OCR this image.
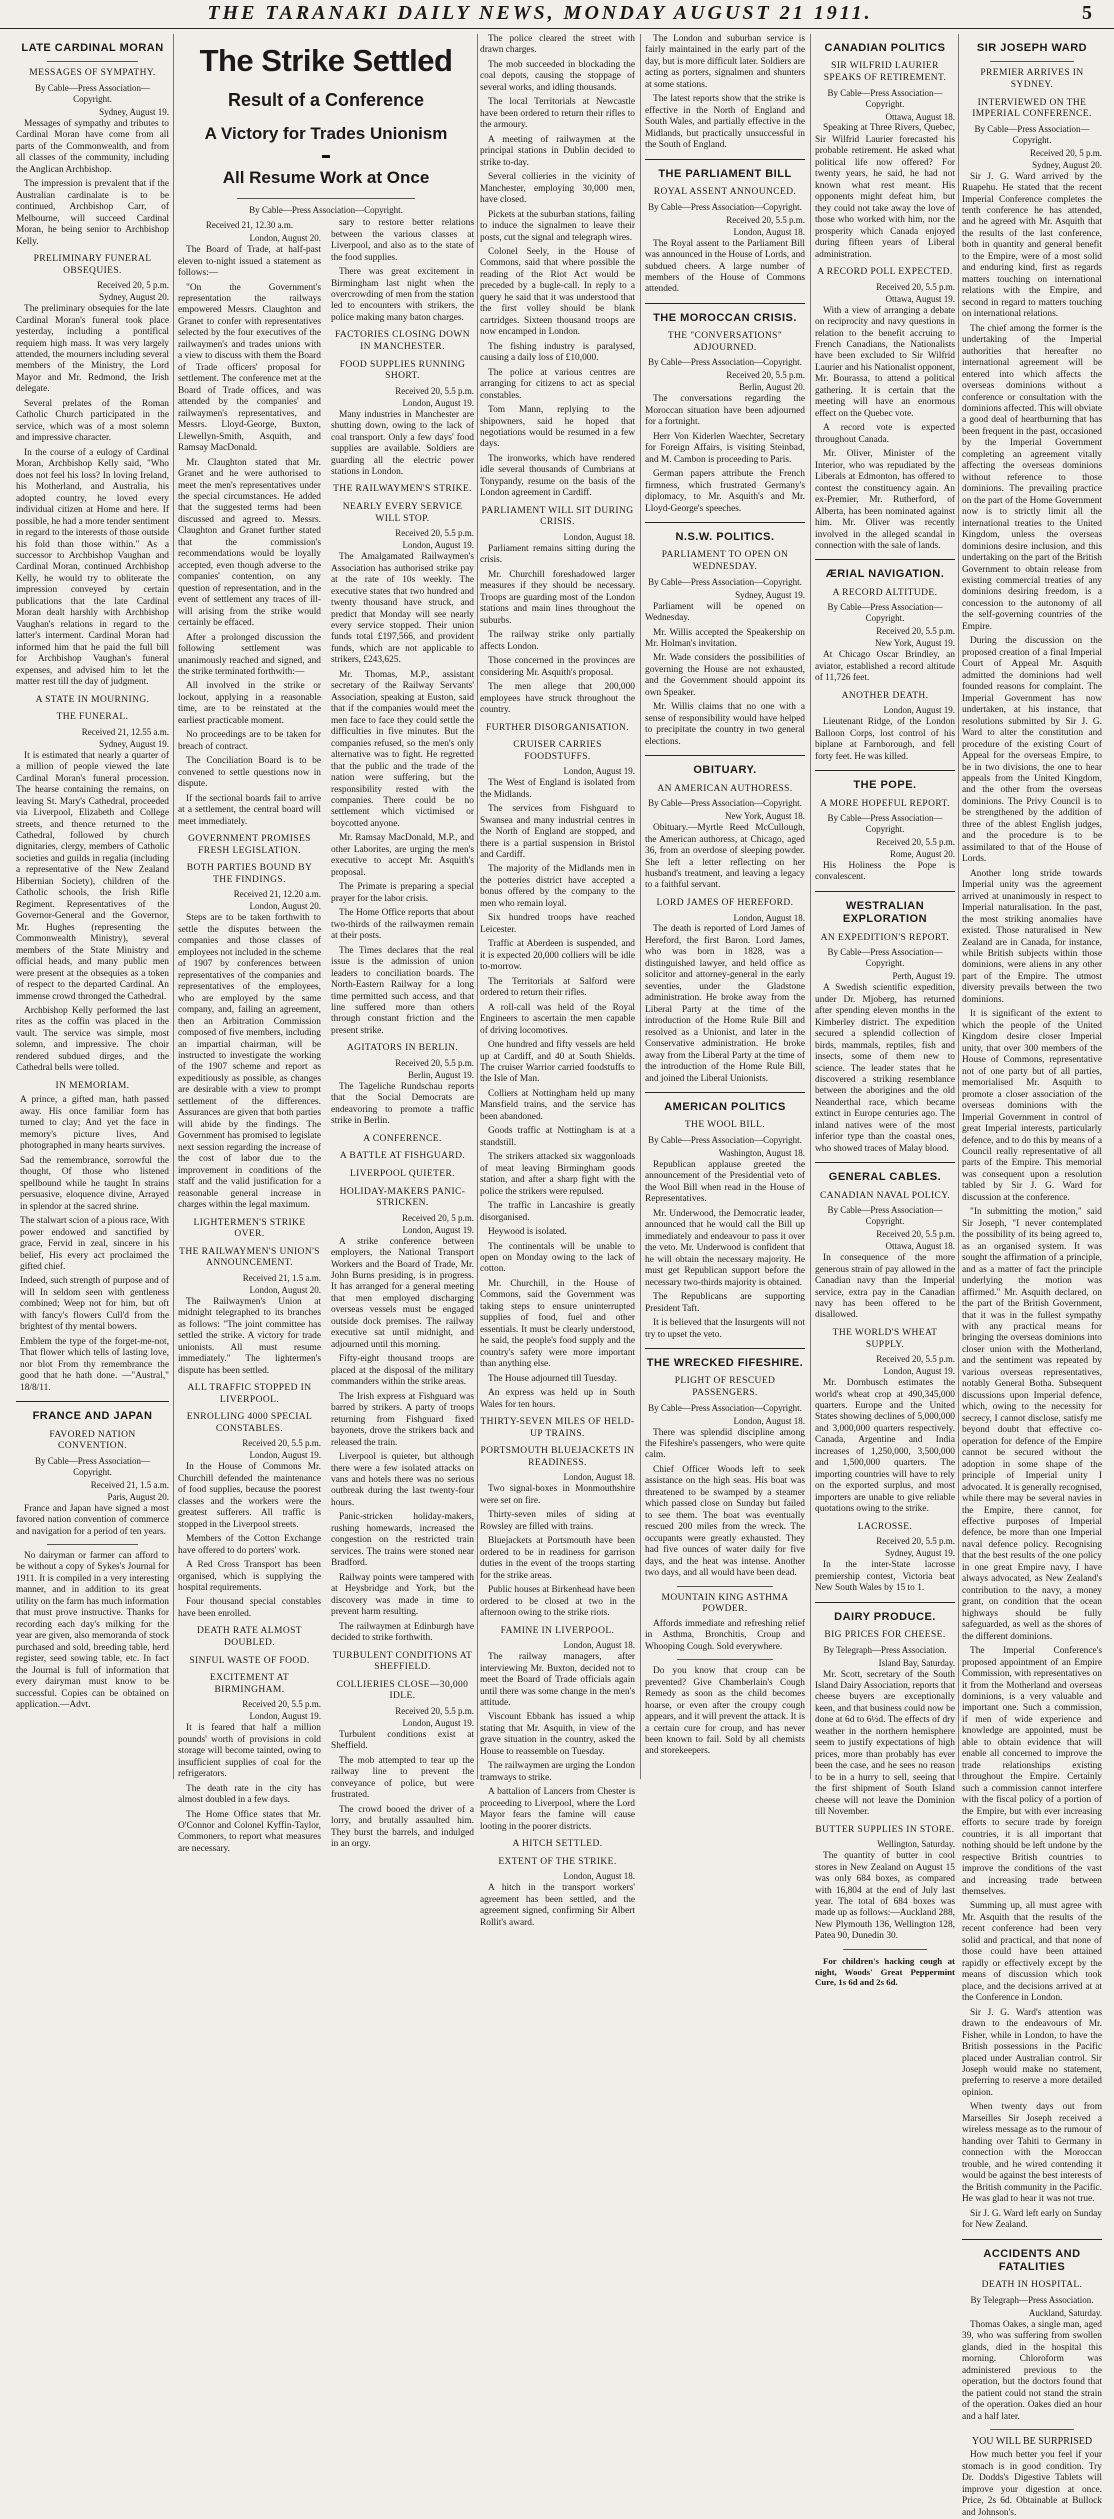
THE TARANAKI DAILY NEWS, MONDAY AUGUST 21 1911.	5
LATE CARDINAL MORAN
MESSAGES OF SYMPATHY.
By Cable—Press Association—Copyright.
Sydney, August 19.

Messages of sympathy and tributes to Cardinal Moran have come from all parts of the Commonwealth, and from all classes of the community, including the Anglican Archbishop.

The impression is prevalent that if the Australian cardinalate is to be continued, Archbishop Carr, of Melbourne, will succeed Cardinal Moran, he being senior to Archbishop Kelly.

PRELIMINARY FUNERAL OBSEQUIES.
Received 20, 5 p.m.
Sydney, August 20.

The preliminary obsequies for the late Cardinal Moran's funeral took place yesterday, including a pontifical requiem high mass. It was very largely attended, the mourners including several members of the Ministry, the Lord Mayor and Mr. Redmond, the Irish delegate.

Several prelates of the Roman Catholic Church participated in the service, which was of a most solemn and impressive character.

In the course of a eulogy of Cardinal Moran, Archbishop Kelly said, "Who does not feel his loss? In loving Ireland, his Motherland, and Australia, his adopted country, he loved every individual citizen at Home and here. If possible, he had a more tender sentiment in regard to the interests of those outside his fold than those within." As a successor to Archbishop Vaughan and Cardinal Moran, continued Archbishop Kelly, he would try to obliterate the impression conveyed by certain publications that the late Cardinal Moran dealt harshly with Archbishop Vaughan's relations in regard to the latter's interment. Cardinal Moran had informed him that he paid the full bill for Archbishop Vaughan's funeral expenses, and advised him to let the matter rest till the day of judgment.

A STATE IN MOURNING.
THE FUNERAL.
Received 21, 12.55 a.m.
Sydney, August 19.

It is estimated that nearly a quarter of a million of people viewed the late Cardinal Moran's funeral procession. The hearse containing the remains, on leaving St. Mary's Cathedral, proceeded via Liverpool, Elizabeth and College streets, and thence returned to the Cathedral, followed by church dignitaries, clergy, members of Catholic societies and guilds in regalia (including a representative of the New Zealand Hibernian Society), children of the Catholic schools, the Irish Rifle Regiment. Representatives of the Governor-General and the Governor, Mr. Hughes (representing the Commonwealth Ministry), several members of the State Ministry and official heads, and many public men were present at the obsequies as a token of respect to the departed Cardinal. An immense crowd thronged the Cathedral.

Archbishop Kelly performed the last rites as the coffin was placed in the vault. The service was simple, most solemn, and impressive. The choir rendered subdued dirges, and the Cathedral bells were tolled.

IN MEMORIAM.

A prince, a gifted man, hath passed away. His once familiar form has turned to clay; And yet the face in memory's picture lives, And photographed in many hearts survives.

Sad the remembrance, sorrowful the thought, Of those who listened spellbound while he taught In strains persuasive, eloquence divine, Arrayed in splendor at the sacred shrine.

The stalwart scion of a pious race, With power endowed and sanctified by grace, Fervid in zeal, sincere in his belief, His every act proclaimed the gifted chief.

Indeed, such strength of purpose and of will In seldom seen with gentleness combined; Weep not for him, but oft with fancy's flowers Cull'd from the brightest of thy mental bowers.

Emblem the type of the forget-me-not, That flower which tells of lasting love, nor blot From thy remembrance the good that he hath done. —"Austral," 18/8/11.

FRANCE AND JAPAN
FAVORED NATION CONVENTION.
By Cable—Press Association—Copyright.
Received 21, 1.5 a.m.
Paris, August 20.

France and Japan have signed a most favored nation convention of commerce and navigation for a period of ten years.

No dairyman or farmer can afford to be without a copy of Sykes's Journal for 1911. It is compiled in a very interesting manner, and in addition to its great utility on the farm has much information that must prove instructive. Thanks for recording each day's milking for the year are given, also memoranda of stock purchased and sold, breeding table, herd register, seed sowing table, etc. In fact the Journal is full of information that every dairyman must know to be successful. Copies can be obtained on application.—Advt.

The Strike Settled
Result of a Conference
A Victory for Trades Unionism
All Resume Work at Once
By Cable—Press Association—Copyright.
Received 21, 12.30 a.m.
London, August 20.

The Board of Trade, at half-past eleven to-night issued a statement as follows:—

"On the Government's representation the railways empowered Messrs. Claughton and Granet to confer with representatives selected by the four executives of the railwaymen's and trades unions with a view to discuss with them the Board of Trade officers' proposal for settlement. The conference met at the Board of Trade offices, and was attended by the companies' and railwaymen's representatives, and Messrs. Lloyd-George, Buxton, Llewellyn-Smith, Asquith, and Ramsay MacDonald.

Mr. Claughton stated that Mr. Granet and he were authorised to meet the men's representatives under the special circumstances. He added that the suggested terms had been discussed and agreed to. Messrs. Claughton and Granet further stated that the commission's recommendations would be loyally accepted, even though adverse to the companies' contention, on any question of representation, and in the event of settlement any traces of ill-will arising from the strike would certainly be effaced.

After a prolonged discussion the following settlement was unanimously reached and signed, and the strike terminated forthwith:—

All involved in the strike or lockout, applying in a reasonable time, are to be reinstated at the earliest practicable moment.

No proceedings are to be taken for breach of contract.

The Conciliation Board is to be convened to settle questions now in dispute.

If the sectional boards fail to arrive at a settlement, the central board will meet immediately.

GOVERNMENT PROMISES FRESH LEGISLATION.
BOTH PARTIES BOUND BY THE FINDINGS.
Received 21, 12.20 a.m.
London, August 20.

Steps are to be taken forthwith to settle the disputes between the companies and those classes of employees not included in the scheme of 1907 by conferences between representatives of the companies and representatives of the employees, who are employed by the same company, and, failing an agreement, then an Arbitration Commission composed of five members, including an impartial chairman, will be instructed to investigate the working of the 1907 scheme and report as expeditiously as possible, as changes are desirable with a view to prompt settlement of the differences. Assurances are given that both parties will abide by the findings. The Government has promised to legislate next session regarding the increase of the cost of labor due to the improvement in conditions of the staff and the valid justification for a reasonable general increase in charges within the legal maximum.

LIGHTERMEN'S STRIKE OVER.
THE RAILWAYMEN'S UNION'S ANNOUNCEMENT.
Received 21, 1.5 a.m.
London, August 20.

The Railwaymen's Union at midnight telegraphed to its branches as follows: "The joint committee has settled the strike. A victory for trade unionists. All must resume immediately." The lightermen's dispute has been settled.

ALL TRAFFIC STOPPED IN LIVERPOOL.
ENROLLING 4000 SPECIAL CONSTABLES.
Received 20, 5.5 p.m.
London, August 19.

In the House of Commons Mr. Churchill defended the maintenance of food supplies, because the poorest classes and the workers were the greatest sufferers. All traffic is stopped in the Liverpool streets.

Members of the Cotton Exchange have offered to do porters' work.

A Red Cross Transport has been organised, which is supplying the hospital requirements.

Four thousand special constables have been enrolled.

DEATH RATE ALMOST DOUBLED.
SINFUL WASTE OF FOOD.
EXCITEMENT AT BIRMINGHAM.
Received 20, 5.5 p.m.
London, August 19.

It is feared that half a million pounds' worth of provisions in cold storage will become tainted, owing to insufficient supplies of coal for the refrigerators.

The death rate in the city has almost doubled in a few days.

The Home Office states that Mr. O'Connor and Colonel Kyffin-Taylor, Commoners, to report what measures are necessary.

sary to restore better relations between the various classes at Liverpool, and also as to the state of the food supplies.

There was great excitement in Birmingham last night when the overcrowding of men from the station led to encounters with strikers, the police making many baton charges.

FACTORIES CLOSING DOWN IN MANCHESTER.
FOOD SUPPLIES RUNNING SHORT.
Received 20, 5.5 p.m.
London, August 19.

Many industries in Manchester are shutting down, owing to the lack of coal transport. Only a few days' food supplies are available. Soldiers are guarding all the electric power stations in London.

THE RAILWAYMEN'S STRIKE.
NEARLY EVERY SERVICE WILL STOP.
Received 20, 5.5 p.m.
London, August 19.

The Amalgamated Railwaymen's Association has authorised strike pay at the rate of 10s weekly. The executive states that two hundred and twenty thousand have struck, and predict that Monday will see nearly every service stopped. Their union funds total £197,566, and provident funds, which are not applicable to strikers, £243,625.

Mr. Thomas, M.P., assistant secretary of the Railway Servants' Association, speaking at Euston, said that if the companies would meet the men face to face they could settle the difficulties in five minutes. But the companies refused, so the men's only alternative was to fight. He regretted that the public and the trade of the nation were suffering, but the responsibility rested with the companies. There could be no settlement which victimised or boycotted anyone.

Mr. Ramsay MacDonald, M.P., and other Laborites, are urging the men's executive to accept Mr. Asquith's proposal.

The Primate is preparing a special prayer for the labor crisis.

The Home Office reports that about two-thirds of the railwaymen remain at their posts.

The Times declares that the real issue is the admission of union leaders to conciliation boards. The North-Eastern Railway for a long time permitted such access, and that line suffered more than others through constant friction and the present strike.

AGITATORS IN BERLIN.
Received 20, 5.5 p.m.
Berlin, August 19.

The Tageliche Rundschau reports that the Social Democrats are endeavoring to promote a traffic strike in Berlin.

A CONFERENCE.
A BATTLE AT FISHGUARD.
LIVERPOOL QUIETER.
HOLIDAY-MAKERS PANIC-STRICKEN.
Received 20, 5 p.m.
London, August 19.

A strike conference between employers, the National Transport Workers and the Board of Trade, Mr. John Burns presiding, is in progress. It has arranged for a general meeting that men employed discharging overseas vessels must be engaged outside dock premises. The railway executive sat until midnight, and adjourned until this morning.

Fifty-eight thousand troops are placed at the disposal of the military commanders within the strike areas.

The Irish express at Fishguard was barred by strikers. A party of troops returning from Fishguard fixed bayonets, drove the strikers back and released the train.

Liverpool is quieter, but although there were a few isolated attacks on vans and hotels there was no serious outbreak during the last twenty-four hours.

Panic-stricken holiday-makers, rushing homewards, increased the congestion on the restricted train services. The trains were stoned near Bradford.

Railway points were tampered with at Heysbridge and York, but the discovery was made in time to prevent harm resulting.

The railwaymen at Edinburgh have decided to strike forthwith.

TURBULENT CONDITIONS AT SHEFFIELD.
COLLIERIES CLOSE—30,000 IDLE.
Received 20, 5.5 p.m.
London, August 19.

Turbulent conditions exist at Sheffield.

The mob attempted to tear up the railway line to prevent the conveyance of police, but were frustrated.

The crowd booed the driver of a lorry, and brutally assaulted him. They burst the barrels, and indulged in an orgy.

The police cleared the street with drawn charges.

The mob succeeded in blockading the coal depots, causing the stoppage of several works, and idling thousands.

The local Territorials at Newcastle have been ordered to return their rifles to the armoury.

A meeting of railwaymen at the principal stations in Dublin decided to strike to-day.

Several collieries in the vicinity of Manchester, employing 30,000 men, have closed.

Pickets at the suburban stations, failing to induce the signalmen to leave their posts, cut the signal and telegraph wires.

Colonel Seely, in the House of Commons, said that where possible the reading of the Riot Act would be preceded by a bugle-call. In reply to a query he said that it was understood that the first volley should be blank cartridges. Sixteen thousand troops are now encamped in London.

The fishing industry is paralysed, causing a daily loss of £10,000.

The police at various centres are arranging for citizens to act as special constables.

Tom Mann, replying to the shipowners, said he hoped that negotiations would be resumed in a few days.

The ironworks, which have rendered idle several thousands of Cumbrians at Tonypandy, resume on the basis of the London agreement in Cardiff.

PARLIAMENT WILL SIT DURING CRISIS.
London, August 18.

Parliament remains sitting during the crisis.

Mr. Churchill foreshadowed larger measures if they should be necessary. Troops are guarding most of the London stations and main lines throughout the suburbs.

The railway strike only partially affects London.

Those concerned in the provinces are considering Mr. Asquith's proposal.

The men allege that 200,000 employees have struck throughout the country.

FURTHER DISORGANISATION.
CRUISER CARRIES FOODSTUFFS.
London, August 19.

The West of England is isolated from the Midlands.

The services from Fishguard to Swansea and many industrial centres in the North of England are stopped, and there is a partial suspension in Bristol and Cardiff.

The majority of the Midlands men in the potteries district have accepted a bonus offered by the company to the men who remain loyal.

Six hundred troops have reached Leicester.

Traffic at Aberdeen is suspended, and it is expected 20,000 colliers will be idle to-morrow.

The Territorials at Salford were ordered to return their rifles.

A roll-call was held of the Royal Engineers to ascertain the men capable of driving locomotives.

One hundred and fifty vessels are held up at Cardiff, and 40 at South Shields. The cruiser Warrior carried foodstuffs to the Isle of Man.

Colliers at Nottingham held up many Mansfield trains, and the service has been abandoned.

Goods traffic at Nottingham is at a standstill.

The strikers attacked six waggonloads of meat leaving Birmingham goods station, and after a sharp fight with the police the strikers were repulsed.

The traffic in Lancashire is greatly disorganised.

Heywood is isolated.

The continentals will be unable to open on Monday owing to the lack of cotton.

Mr. Churchill, in the House of Commons, said the Government was taking steps to ensure uninterrupted supplies of food, fuel and other essentials. It must be clearly understood, he said, the people's food supply and the country's safety were more important than anything else.

The House adjourned till Tuesday.

An express was held up in South Wales for ten hours.

THIRTY-SEVEN MILES OF HELD-UP TRAINS.
PORTSMOUTH BLUEJACKETS IN READINESS.
London, August 18.

Two signal-boxes in Monmouthshire were set on fire.

Thirty-seven miles of siding at Rowsley are filled with trains.

Bluejackets at Portsmouth have been ordered to be in readiness for garrison duties in the event of the troops starting for the strike areas.

Public houses at Birkenhead have been ordered to be closed at two in the afternoon owing to the strike riots.

FAMINE IN LIVERPOOL.
London, August 18.

The railway managers, after interviewing Mr. Buxton, decided not to meet the Board of Trade officials again until there was some change in the men's attitude.

Viscount Ebbank has issued a whip stating that Mr. Asquith, in view of the grave situation in the country, asked the House to reassemble on Tuesday.

The railwaymen are urging the London tramways to strike.

A battalion of Lancers from Chester is proceeding to Liverpool, where the Lord Mayor fears the famine will cause looting in the poorer districts.

A HITCH SETTLED.
EXTENT OF THE STRIKE.
London, August 18.

A hitch in the transport workers' agreement has been settled, and the agreement signed, confirming Sir Albert Rollit's award.

The London and suburban service is fairly maintained in the early part of the day, but is more difficult later. Soldiers are acting as porters, signalmen and shunters at some stations.

The latest reports show that the strike is effective in the North of England and South Wales, and partially effective in the Midlands, but practically unsuccessful in the South of England.

THE PARLIAMENT BILL
ROYAL ASSENT ANNOUNCED.
By Cable—Press Association—Copyright.
Received 20, 5.5 p.m.
London, August 18.

The Royal assent to the Parliament Bill was announced in the House of Lords, and subdued cheers. A large number of members of the House of Commons attended.

THE MOROCCAN CRISIS.
THE "CONVERSATIONS" ADJOURNED.
By Cable—Press Association—Copyright.
Received 20, 5.5 p.m.
Berlin, August 20.

The conversations regarding the Moroccan situation have been adjourned for a fortnight.

Herr Von Kiderlen Waechter, Secretary for Foreign Affairs, is visiting Steinbad, and M. Cambon is proceeding to Paris.

German papers attribute the French firmness, which frustrated Germany's diplomacy, to Mr. Asquith's and Mr. Lloyd-George's speeches.

N.S.W. POLITICS.
PARLIAMENT TO OPEN ON WEDNESDAY.
By Cable—Press Association—Copyright.
Sydney, August 19.

Parliament will be opened on Wednesday.

Mr. Willis accepted the Speakership on Mr. Holman's invitation.

Mr. Wade considers the possibilities of governing the House are not exhausted, and the Government should appoint its own Speaker.

Mr. Willis claims that no one with a sense of responsibility would have helped to precipitate the country in two general elections.

OBITUARY.
AN AMERICAN AUTHORESS.
By Cable—Press Association—Copyright.
New York, August 18.

Obituary.—Myrtle Reed McCullough, the American authoress, at Chicago, aged 36, from an overdose of sleeping powder. She left a letter reflecting on her husband's treatment, and leaving a legacy to a faithful servant.

LORD JAMES OF HEREFORD.
London, August 18.

The death is reported of Lord James of Hereford, the first Baron. Lord James, who was born in 1828, was a distinguished lawyer, and held office as solicitor and attorney-general in the early seventies, under the Gladstone administration. He broke away from the Liberal Party at the time of the introduction of the Home Rule Bill and resolved as a Unionist, and later in the Conservative administration. He broke away from the Liberal Party at the time of the introduction of the Home Rule Bill, and joined the Liberal Unionists.

AMERICAN POLITICS
THE WOOL BILL.
By Cable—Press Association—Copyright.
Washington, August 18.

Republican applause greeted the announcement of the Presidential veto of the Wool Bill when read in the House of Representatives.

Mr. Underwood, the Democratic leader, announced that he would call the Bill up immediately and endeavour to pass it over the veto. Mr. Underwood is confident that he will obtain the necessary majority. He must get Republican support before the necessary two-thirds majority is obtained.

The Republicans are supporting President Taft.

It is believed that the Insurgents will not try to upset the veto.

THE WRECKED FIFESHIRE.
PLIGHT OF RESCUED PASSENGERS.
By Cable—Press Association—Copyright.
London, August 18.

There was splendid discipline among the Fifeshire's passengers, who were quite calm.

Chief Officer Woods left to seek assistance on the high seas. His boat was threatened to be swamped by a steamer which passed close on Sunday but failed to see them. The boat was eventually rescued 200 miles from the wreck. The occupants were greatly exhausted. They had five ounces of water daily for five days, and the heat was intense. Another two days, and all would have been dead.

MOUNTAIN KING ASTHMA POWDER.

Affords immediate and refreshing relief in Asthma, Bronchitis, Croup and Whooping Cough. Sold everywhere.

Do you know that croup can be prevented? Give Chamberlain's Cough Remedy as soon as the child becomes hoarse, or even after the croupy cough appears, and it will prevent the attack. It is a certain cure for croup, and has never been known to fail. Sold by all chemists and storekeepers.

CANADIAN POLITICS
SIR WILFRID LAURIER SPEAKS OF RETIREMENT.
By Cable—Press Association—Copyright.
Ottawa, August 18.

Speaking at Three Rivers, Quebec, Sir Wilfrid Laurier forecasted his probable retirement. He asked what political life now offered? For twenty years, he said, he had not known what rest meant. His opponents might defeat him, but they could not take away the love of those who worked with him, nor the prosperity which Canada enjoyed during fifteen years of Liberal administration.

A RECORD POLL EXPECTED.
Received 20, 5.5 p.m.
Ottawa, August 19.

With a view of arranging a debate on reciprocity and navy questions in relation to the benefit accruing to French Canadians, the Nationalists have been excluded to Sir Wilfrid Laurier and his Nationalist opponent, Mr. Bourassa, to attend a political gathering. It is certain that the meeting will have an enormous effect on the Quebec vote.

A record vote is expected throughout Canada.

Mr. Oliver, Minister of the Interior, who was repudiated by the Liberals at Edmonton, has offered to contest the constituency again. An ex-Premier, Mr. Rutherford, of Alberta, has been nominated against him. Mr. Oliver was recently involved in the alleged scandal in connection with the sale of lands.

ÆRIAL NAVIGATION.
A RECORD ALTITUDE.
By Cable—Press Association—Copyright.
Received 20, 5.5 p.m.
New York, August 19.

At Chicago Oscar Brindley, an aviator, established a record altitude of 11,726 feet.

ANOTHER DEATH.
London, August 19.

Lieutenant Ridge, of the London Balloon Corps, lost control of his biplane at Farnborough, and fell forty feet. He was killed.

THE POPE.
A MORE HOPEFUL REPORT.
By Cable—Press Association—Copyright.
Received 20, 5.5 p.m.
Rome, August 20.

His Holiness the Pope is convalescent.

WESTRALIAN EXPLORATION
AN EXPEDITION'S REPORT.
By Cable—Press Association—Copyright.
Perth, August 19.

A Swedish scientific expedition, under Dr. Mjoberg, has returned after spending eleven months in the Kimberley district. The expedition secured a splendid collection of birds, mammals, reptiles, fish and insects, some of them new to science. The leader states that he discovered a striking resemblance between the aborigines and the old Neanderthal race, which became extinct in Europe centuries ago. The inland natives were of the most inferior type than the coastal ones, who showed traces of Malay blood.

GENERAL CABLES.
CANADIAN NAVAL POLICY.
By Cable—Press Association—Copyright.
Received 20, 5.5 p.m.
Ottawa, August 18.

In consequence of the more generous strain of pay allowed in the Canadian navy than the Imperial service, extra pay in the Canadian navy has been offered to be disallowed.

THE WORLD'S WHEAT SUPPLY.
Received 20, 5.5 p.m.
London, August 19.

Mr. Dornbusch estimates the world's wheat crop at 490,345,000 quarters. Europe and the United States showing declines of 5,000,000 and 3,000,000 quarters respectively. Canada, Argentine and India increases of 1,250,000, 3,500,000 and 1,500,000 quarters. The importing countries will have to rely on the exported surplus, and most importers are unable to give reliable quotations owing to the strike.

LACROSSE.
Received 20, 5.5 p.m.
Sydney, August 19.

In the inter-State lacrosse premiership contest, Victoria beat New South Wales by 15 to 1.

DAIRY PRODUCE.
BIG PRICES FOR CHEESE.
By Telegraph—Press Association.
Island Bay, Saturday.

Mr. Scott, secretary of the South Island Dairy Association, reports that cheese buyers are exceptionally keen, and that business could now be done at 6d to 6½d. The effects of dry weather in the northern hemisphere seem to justify expectations of high prices, more than probably has ever been the case, and he sees no reason to be in a hurry to sell, seeing that the first shipment of South Island cheese will not leave the Dominion till November.

BUTTER SUPPLIES IN STORE.
Wellington, Saturday.

The quantity of butter in cool stores in New Zealand on August 15 was only 684 boxes, as compared with 16,804 at the end of July last year. The total of 684 boxes was made up as follows:—Auckland 288, New Plymouth 136, Wellington 128, Patea 90, Dunedin 30.

For children's hacking cough at night, Woods' Great Peppermint Cure, 1s 6d and 2s 6d.

SIR JOSEPH WARD
PREMIER ARRIVES IN SYDNEY.
INTERVIEWED ON THE IMPERIAL CONFERENCE.
By Cable—Press Association—Copyright.
Received 20, 5 p.m.
Sydney, August 20.

Sir J. G. Ward arrived by the Ruapehu. He stated that the recent Imperial Conference completes the tenth conference he has attended, and he agreed with Mr. Asquith that the results of the last conference, both in quantity and general benefit to the Empire, were of a most solid and enduring kind, first as regards matters touching on international relations with the Empire, and second in regard to matters touching on international relations.

The chief among the former is the undertaking of the Imperial authorities that hereafter no international agreement will be entered into which affects the overseas dominions without a conference or consultation with the dominions affected. This will obviate a good deal of heartburning that has been frequent in the past, occasioned by the Imperial Government completing an agreement vitally affecting the overseas dominions without reference to those dominions. The prevailing practice on the part of the Home Government now is to strictly limit all the international treaties to the United Kingdom, unless the overseas dominions desire inclusion, and this undertaking on the part of the British Government to obtain release from existing commercial treaties of any dominions desiring freedom, is a concession to the autonomy of all the self-governing countries of the Empire.

During the discussion on the proposed creation of a final Imperial Court of Appeal Mr. Asquith admitted the dominions had well founded reasons for complaint. The Imperial Government has now undertaken, at his instance, that resolutions submitted by Sir J. G. Ward to alter the constitution and procedure of the existing Court of Appeal for the overseas Empire, to be in two divisions, the one to hear appeals from the United Kingdom, and the other from the overseas dominions. The Privy Council is to be strengthened by the addition of three of the ablest English judges, and the procedure is to be assimilated to that of the House of Lords.

Another long stride towards Imperial unity was the agreement arrived at unanimously in respect to Imperial naturalisation. In the past, the most striking anomalies have existed. Those naturalised in New Zealand are in Canada, for instance, while British subjects within those dominions, were aliens in any other part of the Empire. The utmost diversity prevails between the two dominions.

It is significant of the extent to which the people of the United Kingdom desire closer Imperial unity, that over 300 members of the House of Commons, representative not of one party but of all parties, memorialised Mr. Asquith to promote a closer association of the overseas dominions with the Imperial Government in control of great Imperial interests, particularly defence, and to do this by means of a Council really representative of all parts of the Empire. This memorial was consequent upon a resolution tabled by Sir J. G. Ward for discussion at the conference.

"In submitting the motion," said Sir Joseph, "I never contemplated the possibility of its being agreed to, as an organised system. It was sought the affirmation of a principle, and as a matter of fact the principle underlying the motion was affirmed." Mr. Asquith declared, on the part of the British Government, that it was in the fullest sympathy with any practical means for bringing the overseas dominions into closer union with the Motherland, and the sentiment was repeated by various overseas representatives, notably General Botha. Subsequent discussions upon Imperial defence, which, owing to the necessity for secrecy, I cannot disclose, satisfy me beyond doubt that effective co-operation for defence of the Empire cannot be secured without the adoption in some shape of the principle of Imperial unity I advocated. It is generally recognised, while there may be several navies in the Empire, there cannot, for effective purposes of Imperial defence, be more than one Imperial naval defence policy. Recognising that the best results of the one policy in one great Empire navy, I have always advocated, as New Zealand's contribution to the navy, a money grant, on condition that the ocean highways should be fully safeguarded, as well as the shores of the different dominions.

The Imperial Conference's proposed appointment of an Empire Commission, with representatives on it from the Motherland and overseas dominions, is a very valuable and important one. Such a commission, if men of wide experience and knowledge are appointed, must be able to obtain evidence that will enable all concerned to improve the trade relationships existing throughout the Empire. Certainly such a commission cannot interfere with the fiscal policy of a portion of the Empire, but with ever increasing efforts to secure trade by foreign countries, it is all important that nothing should be left undone by the respective British countries to improve the conditions of the vast and increasing trade between themselves.

Summing up, all must agree with Mr. Asquith that the results of the recent conference had been very solid and practical, and that none of those could have been attained rapidly or effectively except by the means of discussion which took place, and the decisions arrived at at the Conference in London.

Sir J. G. Ward's attention was drawn to the endeavours of Mr. Fisher, while in London, to have the British possessions in the Pacific placed under Australian control. Sir Joseph would make no statement, preferring to reserve a more detailed opinion.

When twenty days out from Marseilles Sir Joseph received a wireless message as to the rumour of handing over Tahiti to Germany in connection with the Moroccan trouble, and he wired contending it would be against the best interests of the British community in the Pacific. He was glad to hear it was not true.

Sir J. G. Ward left early on Sunday for New Zealand.

ACCIDENTS AND FATALITIES
DEATH IN HOSPITAL.
By Telegraph—Press Association.
Auckland, Saturday.

Thomas Oakes, a single man, aged 39, who was suffering from swollen glands, died in the hospital this morning. Chloroform was administered previous to the operation, but the doctors found that the patient could not stand the strain of the operation. Oakes died an hour and a half later.

YOU WILL BE SURPRISED

How much better you feel if your stomach is in good condition. Try Dr. Dodds's Digestive Tablets will improve your digestion at once. Price, 2s 6d. Obtainable at Bullock and Johnson's.
